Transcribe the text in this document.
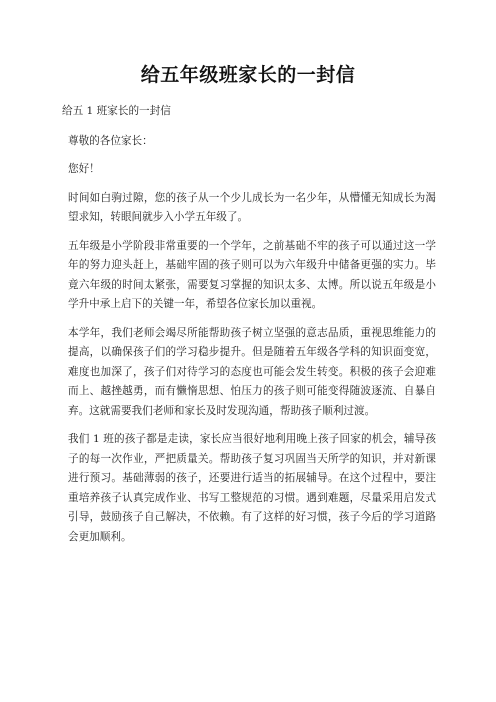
给五年级班家长的一封信

给五 1 班家长的一封信

尊敬的各位家长：

您好！

时间如白驹过隙，您的孩子从一个少儿成长为一名少年，从懵懂无知成长为渴望求知，转眼间就步入小学五年级了。

五年级是小学阶段非常重要的一个学年，之前基础不牢的孩子可以通过这一学年的努力迎头赶上，基础牢固的孩子则可以为六年级升中储备更强的实力。毕竟六年级的时间太紧张，需要复习掌握的知识太多、太博。所以说五年级是小学升中承上启下的关键一年，希望各位家长加以重视。

本学年，我们老师会竭尽所能帮助孩子树立坚强的意志品质，重视思维能力的提高，以确保孩子们的学习稳步提升。但是随着五年级各学科的知识面变宽，难度也加深了，孩子们对待学习的态度也可能会发生转变。积极的孩子会迎难而上、越挫越勇，而有懒惰思想、怕压力的孩子则可能变得随波逐流、自暴自弃。这就需要我们老师和家长及时发现沟通，帮助孩子顺利过渡。

我们 1 班的孩子都是走读，家长应当很好地利用晚上孩子回家的机会，辅导孩子的每一次作业，严把质量关。帮助孩子复习巩固当天所学的知识，并对新课进行预习。基础薄弱的孩子，还要进行适当的拓展辅导。在这个过程中，要注重培养孩子认真完成作业、书写工整规范的习惯。遇到难题，尽量采用启发式引导，鼓励孩子自己解决，不依赖。有了这样的好习惯，孩子今后的学习道路会更加顺利。
